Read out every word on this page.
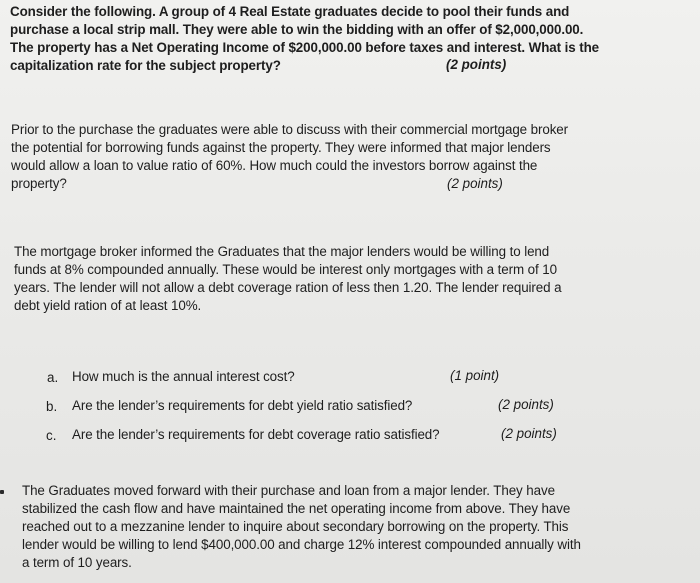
Consider the following. A group of 4 Real Estate graduates decide to pool their funds and
purchase a local strip mall. They were able to win the bidding with an offer of $2,000,000.00.
The property has a Net Operating Income of $200,000.00 before taxes and interest. What is the
capitalization rate for the subject property?	(2 points)
Prior to the purchase the graduates were able to discuss with their commercial mortgage broker
the potential for borrowing funds against the property. They were informed that major lenders
would allow a loan to value ratio of 60%. How much could the investors borrow against the
property?	(2 points)
The mortgage broker informed the Graduates that the major lenders would be willing to lend
funds at 8% compounded annually. These would be interest only mortgages with a term of 10
years. The lender will not allow a debt coverage ration of less then 1.20. The lender required a
debt yield ration of at least 10%.
a. How much is the annual interest cost?	(1 point)
b. Are the lender’s requirements for debt yield ratio satisfied?	(2 points)
c. Are the lender’s requirements for debt coverage ratio satisfied?	(2 points)
The Graduates moved forward with their purchase and loan from a major lender. They have
stabilized the cash flow and have maintained the net operating income from above. They have
reached out to a mezzanine lender to inquire about secondary borrowing on the property. This
lender would be willing to lend $400,000.00 and charge 12% interest compounded annually with
a term of 10 years.
